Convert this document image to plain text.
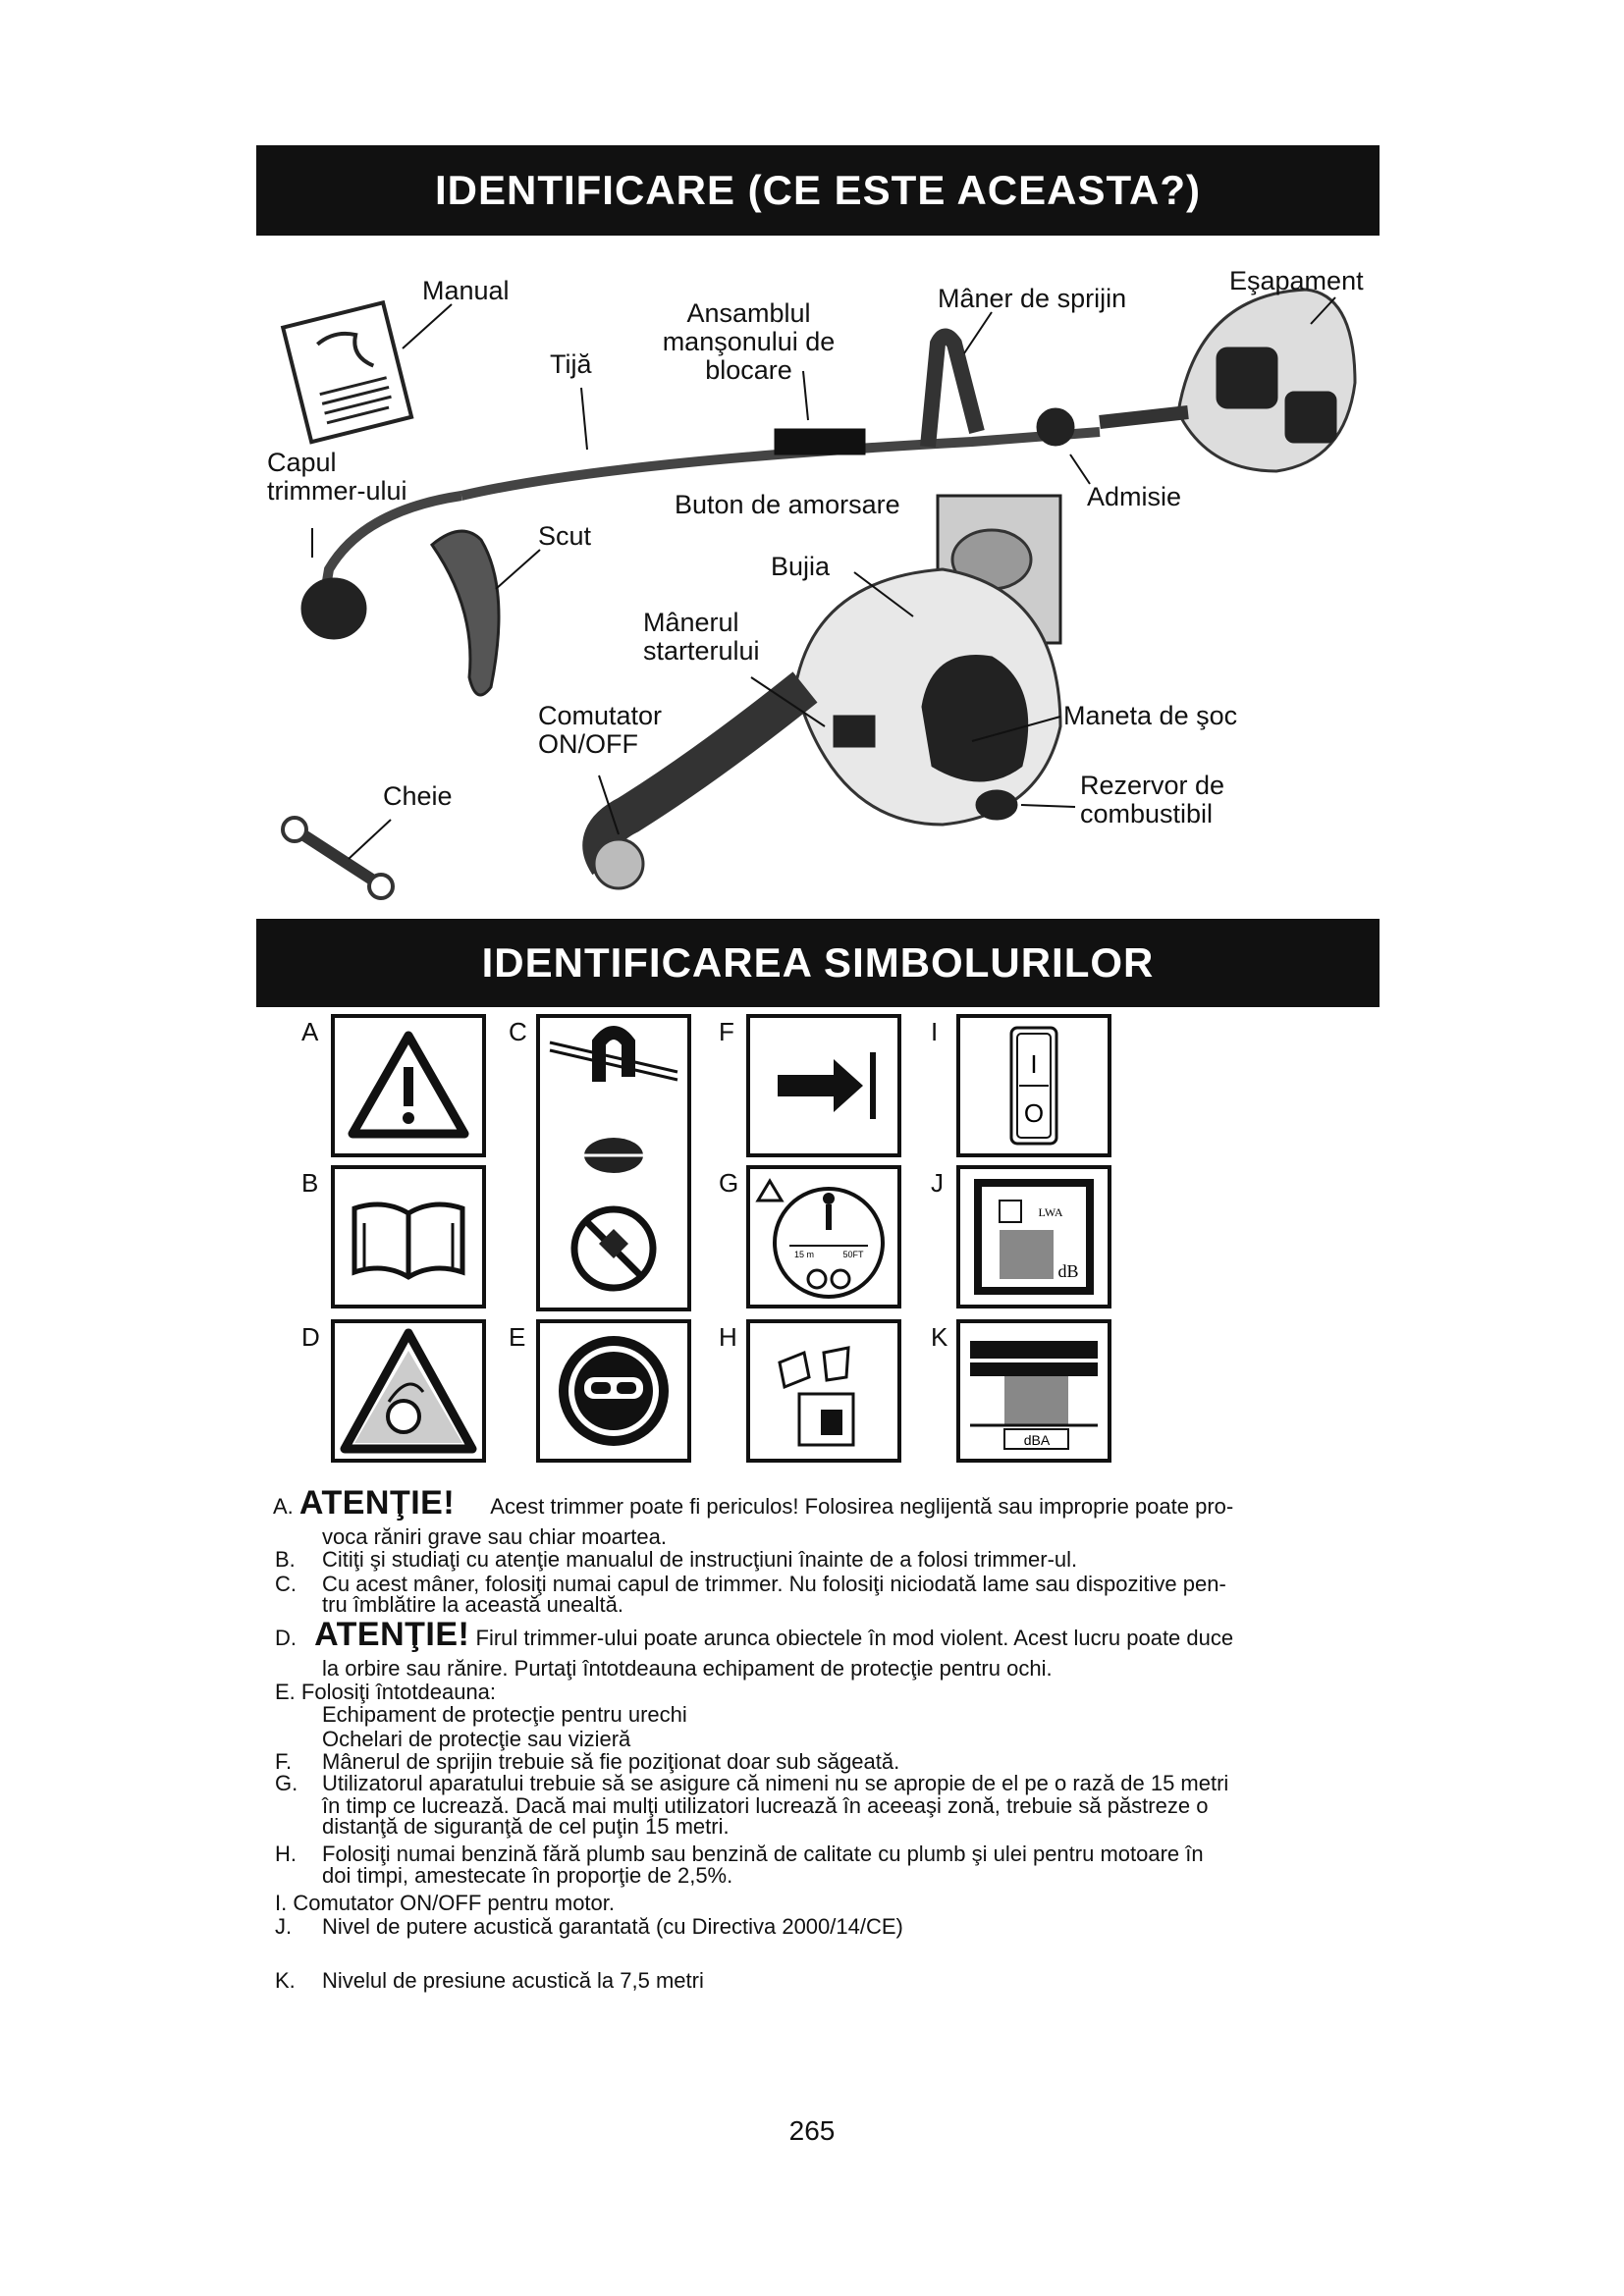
IDENTIFICARE (CE ESTE ACEASTA?)
Manual
Tijă
Ansamblul
manşonului de
blocare
Mâner de sprijin
Eşapament
Capul
trimmer-ului	Admisie
Buton de amorsare
Scut
Bujia
Mânerul
starterului
Comutator
ON/OFF
Maneta de şoc
Cheie	Rezervor de
combustibil
IDENTIFICAREA SIMBOLURILOR
A	C	F	I
B	G	J
D	E	H	K
I
O
15 m	50FT
LWA
dB
dBA
A. ATENŢIE! Acest trimmer poate fi periculos! Folosirea neglijentă sau improprie poate pro-
voca răniri grave sau chiar moartea.
B. Citiţi şi studiaţi cu atenţie manualul de instrucţiuni înainte de a folosi trimmer-ul.
C. Cu acest mâner, folosiţi numai capul de trimmer. Nu folosiţi niciodată lame sau dispozitive pen-
tru îmblătire la această unealtă.
D. ATENŢIE! Firul trimmer-ului poate arunca obiectele în mod violent. Acest lucru poate duce
la orbire sau rănire. Purtaţi întotdeauna echipament de protecţie pentru ochi.
E. Folosiţi întotdeauna:
Echipament de protecţie pentru urechi
Ochelari de protecţie sau vizieră
F. Mânerul de sprijin trebuie să fie poziţionat doar sub săgeată.
G. Utilizatorul aparatului trebuie să se asigure că nimeni nu se apropie de el pe o rază de 15 metri
în timp ce lucrează. Dacă mai mulţi utilizatori lucrează în aceeaşi zonă, trebuie să păstreze o
distanţă de siguranţă de cel puţin 15 metri.
H. Folosiţi numai benzină fără plumb sau benzină de calitate cu plumb şi ulei pentru motoare în
doi timpi, amestecate în proporţie de 2,5%.
I. Comutator ON/OFF pentru motor.
J. Nivel de putere acustică garantată (cu Directiva 2000/14/CE)
K. Nivelul de presiune acustică la 7,5 metri
265
